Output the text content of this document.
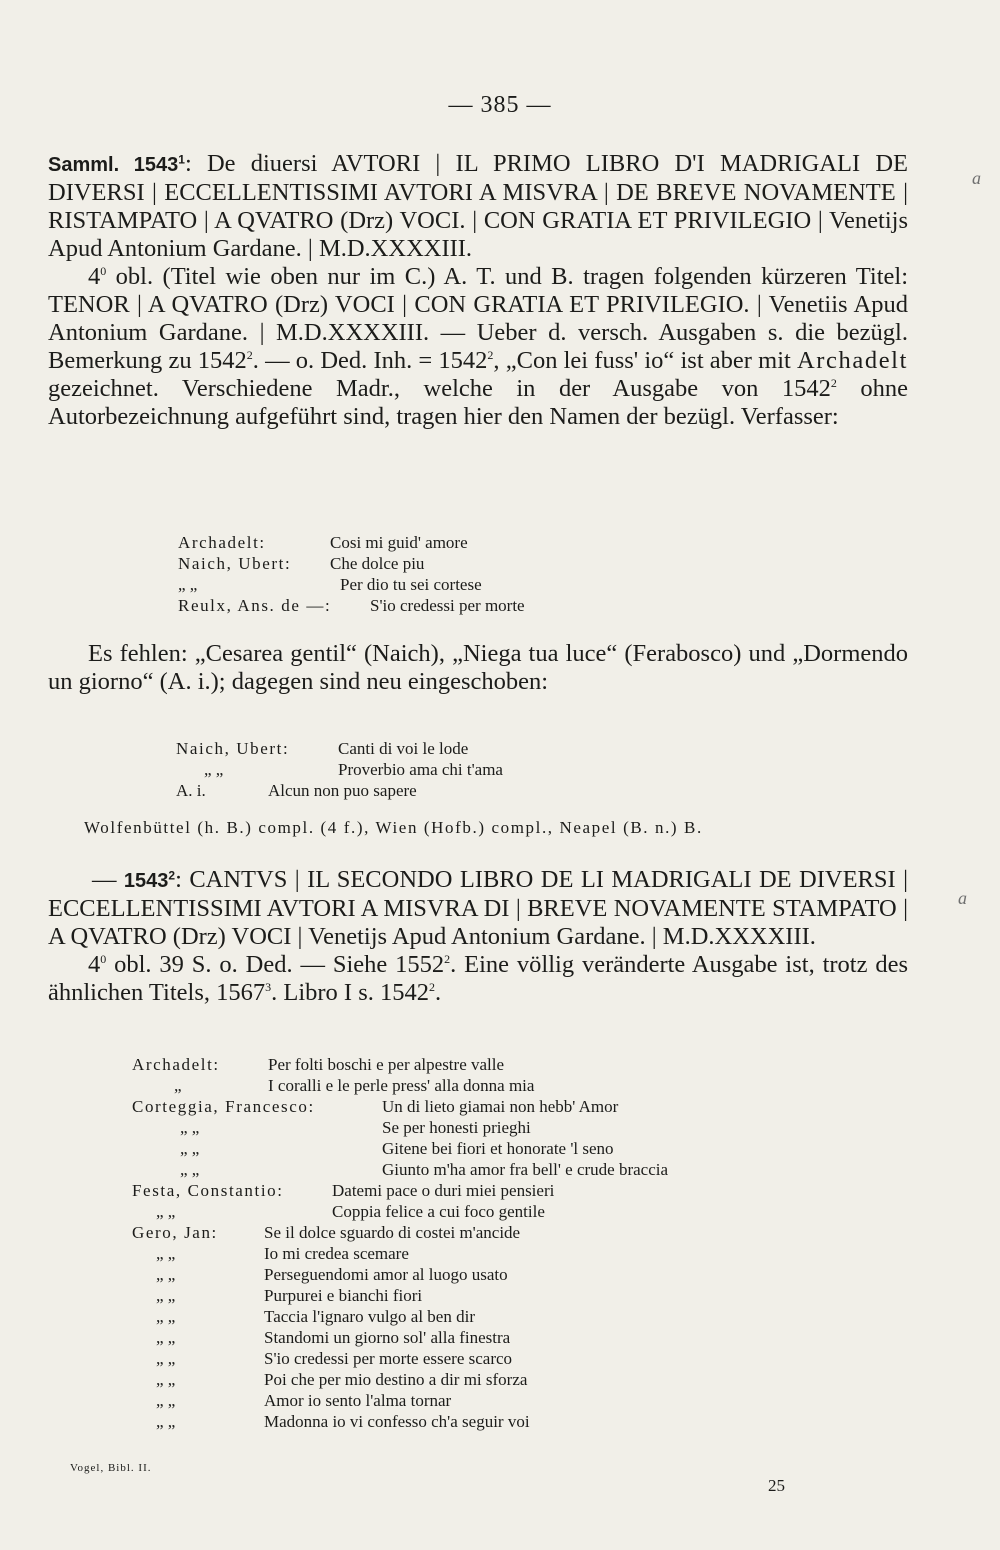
— 385 —
a
a

Samml. 1543$^1$: De diuersi AVTORI | IL PRIMO LIBRO D'I MADRIGALI DE DIVERSI | ECCELLENTISSIMI AVTORI A MISVRA | DE BREVE NOVAMENTE | RISTAMPATO | A QVATRO (Drz) VOCI. | CON GRATIA ET PRIVILEGIO | Venetijs Apud Antonium Gardane. | M.D.XXXXIII.

$4^0$ obl. (Titel wie oben nur im C.) A. T. und B. tragen folgenden kürzeren Titel: TENOR | A QVATRO (Drz) VOCI | CON GRATIA ET PRIVILEGIO. | Venetiis Apud Antonium Gardane. | M.D.XXXXIII. — Ueber d. versch. Ausgaben s. die bezügl. Bemerkung zu 1542$^2$. — o. Ded. Inh. = $1542^2$, „Con lei fuss' io“ ist aber mit Archadelt gezeichnet. Verschiedene Madr., welche in der Ausgabe von 1542$^2$ ohne Autorbezeichnung aufgeführt sind, tragen hier den Namen der bezügl. Verfasser:

Archadelt:	Cosi mi guid' amore
Naich, Ubert:	Che dolce piu
„ „	Per dio tu sei cortese
Reulx, Ans. de —:	S'io credessi per morte

Es fehlen: „Cesarea gentil“ (Naich), „Niega tua luce“ (Ferabosco) und „Dormendo un giorno“ (A. i.); dagegen sind neu eingeschoben:

Naich, Ubert:	Canti di voi le lode
„ „	Proverbio ama chi t'ama
A. i.	Alcun non puo sapere
Wolfenbüttel (h. B.) compl. (4 f.), Wien (Hofb.) compl., Neapel (B. n.) B.

— 1543$^2$: CANTVS | IL SECONDO LIBRO DE LI MADRIGALI DE DIVERSI | ECCELLENTISSIMI AVTORI A MISVRA DI | BREVE NOVAMENTE STAMPATO | A QVATRO (Drz) VOCI | Venetijs Apud Antonium Gardane. | M.D.XXXXIII.

$4^0$ obl. 39 S. o. Ded. — Siehe 1552$^2$. Eine völlig veränderte Ausgabe ist, trotz des ähnlichen Titels, 1567$^3$. Libro I s. 1542$^2$.

Archadelt:	Per folti boschi e per alpestre valle
„	I coralli e le perle press' alla donna mia
Corteggia, Francesco:	Un di lieto giamai non hebb' Amor
„ „	Se per honesti prieghi
„ „	Gitene bei fiori et honorate 'l seno
„ „	Giunto m'ha amor fra bell' e crude braccia
Festa, Constantio:	Datemi pace o duri miei pensieri
„ „	Coppia felice a cui foco gentile
Gero, Jan:	Se il dolce sguardo di costei m'ancide
„ „	Io mi credea scemare
„ „	Perseguendomi amor al luogo usato
„ „	Purpurei e bianchi fiori
„ „	Taccia l'ignaro vulgo al ben dir
„ „	Standomi un giorno sol' alla finestra
„ „	S'io credessi per morte essere scarco
„ „	Poi che per mio destino a dir mi sforza
„ „	Amor io sento l'alma tornar
„ „	Madonna io vi confesso ch'a seguir voi
Vogel, Bibl. II.
25
